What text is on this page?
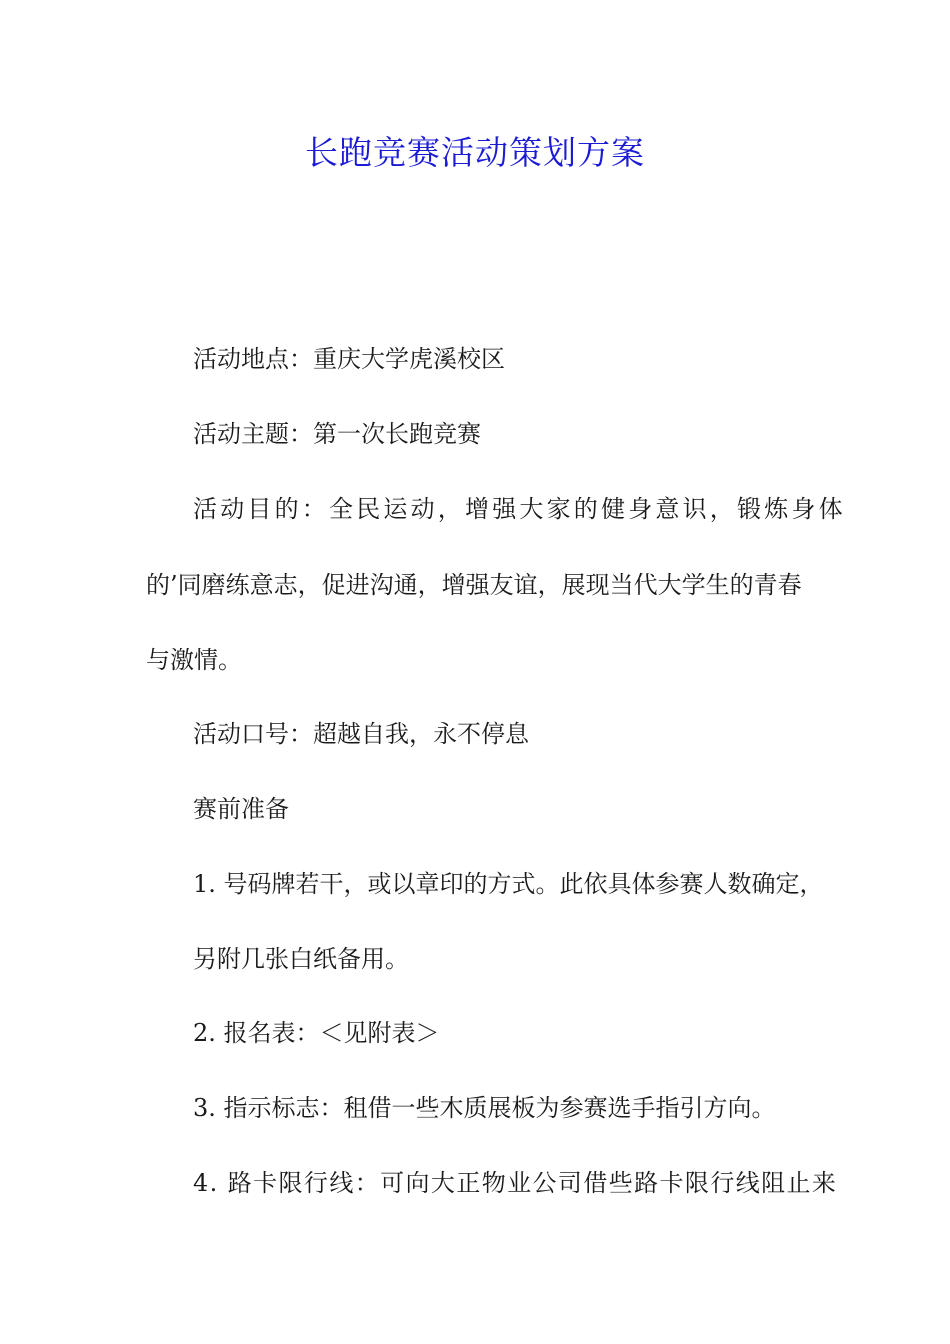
长跑竞赛活动策划方案

活动地点：重庆大学虎溪校区

活动主题：第一次长跑竞赛

活动目的：全民运动，增强大家的健身意识，锻炼身体

的’同磨练意志，促进沟通，增强友谊，展现当代大学生的青春

与激情。

活动口号：超越自我，永不停息

赛前准备

1. 号码牌若干，或以章印的方式。此依具体参赛人数确定，

另附几张白纸备用。

2. 报名表：＜见附表＞

3. 指示标志：租借一些木质展板为参赛选手指引方向。

4. 路卡限行线：可向大正物业公司借些路卡限行线阻止来
